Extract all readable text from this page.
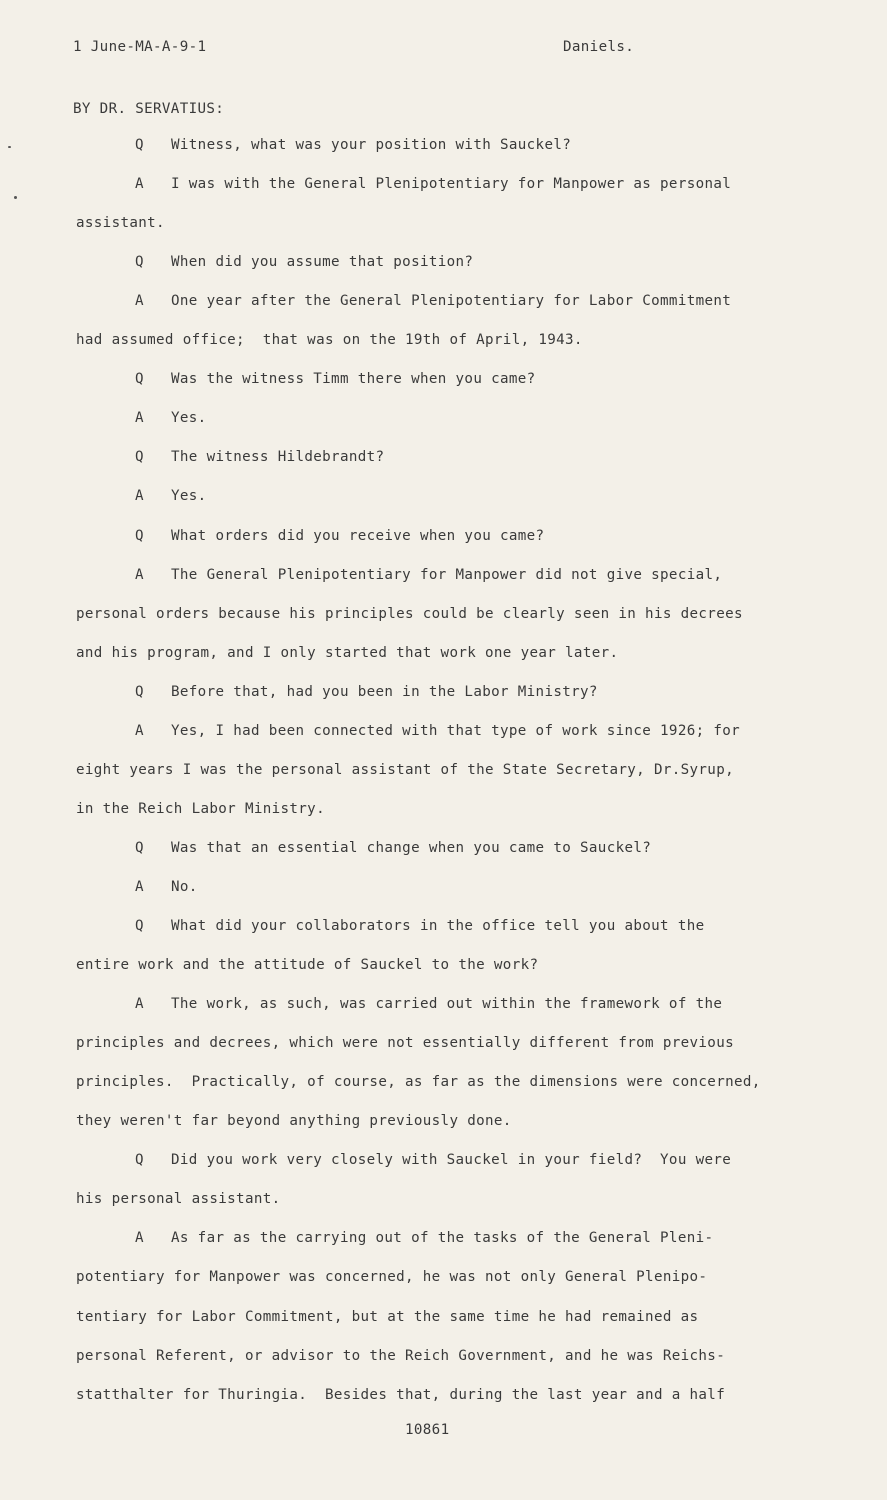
1 June-MA-A-9-1	Daniels.
BY DR. SERVATIUS:
Q Witness, what was your position with Sauckel?
A I was with the General Plenipotentiary for Manpower as personal
assistant.
Q When did you assume that position?
A One year after the General Plenipotentiary for Labor Commitment
had assumed office;  that was on the 19th of April, 1943.
Q Was the witness Timm there when you came?
A Yes.
Q The witness Hildebrandt?
A Yes.
Q What orders did you receive when you came?
A The General Plenipotentiary for Manpower did not give special,
personal orders because his principles could be clearly seen in his decrees
and his program, and I only started that work one year later.
Q Before that, had you been in the Labor Ministry?
A Yes, I had been connected with that type of work since 1926; for
eight years I was the personal assistant of the State Secretary, Dr.Syrup,
in the Reich Labor Ministry.
Q Was that an essential change when you came to Sauckel?
A No.
Q What did your collaborators in the office tell you about the
entire work and the attitude of Sauckel to the work?
A The work, as such, was carried out within the framework of the
principles and decrees, which were not essentially different from previous
principles.  Practically, of course, as far as the dimensions were concerned,
they weren't far beyond anything previously done.
Q Did you work very closely with Sauckel in your field?  You were
his personal assistant.
A As far as the carrying out of the tasks of the General Pleni-
potentiary for Manpower was concerned, he was not only General Plenipo-
tentiary for Labor Commitment, but at the same time he had remained as
personal Referent, or advisor to the Reich Government, and he was Reichs-
statthalter for Thuringia.  Besides that, during the last year and a half
10861
